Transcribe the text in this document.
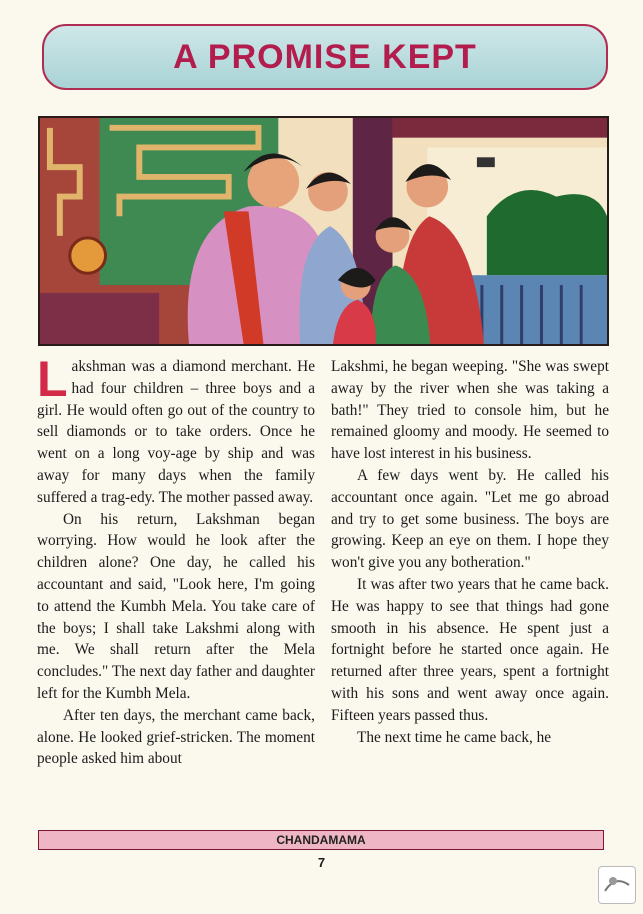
A PROMISE KEPT

Lakshman was a diamond merchant. He had four children – three boys and a girl. He would often go out of the country to sell diamonds or to take orders. Once he went on a long voy-age by ship and was away for many days when the family suffered a trag-edy. The mother passed away.

On his return, Lakshman began worrying. How would he look after the children alone? One day, he called his accountant and said, "Look here, I'm going to attend the Kumbh Mela. You take care of the boys; I shall take Lakshmi along with me. We shall return after the Mela concludes." The next day father and daughter left for the Kumbh Mela.

After ten days, the merchant came back, alone. He looked grief-stricken. The moment people asked him about

Lakshmi, he began weeping. "She was swept away by the river when she was taking a bath!" They tried to console him, but he remained gloomy and moody. He seemed to have lost interest in his business.

A few days went by. He called his accountant once again. "Let me go abroad and try to get some business. The boys are growing. Keep an eye on them. I hope they won't give you any botheration."

It was after two years that he came back. He was happy to see that things had gone smooth in his absence. He spent just a fortnight before he started once again. He returned after three years, spent a fortnight with his sons and went away once again. Fifteen years passed thus.

The next time he came back, he

CHANDAMAMA
7
